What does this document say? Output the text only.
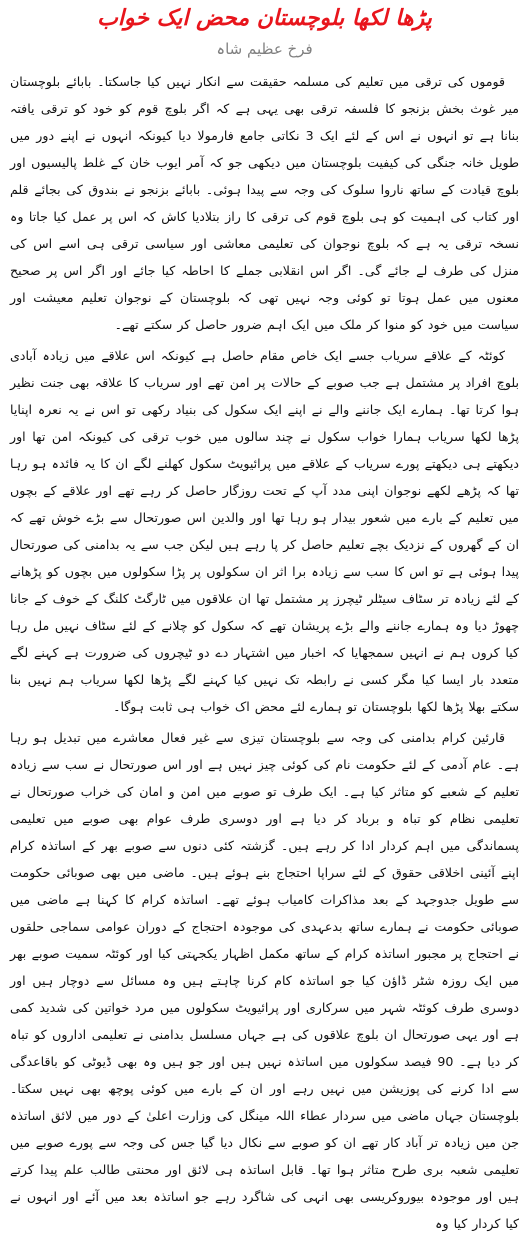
پڑھا لکھا بلوچستان محض ایک خواب
فرخ عظیم شاہ

قوموں کی ترقی میں تعلیم کی مسلمہ حقیقت سے انکار نہیں کیا جاسکتا۔ بابائے بلوچستان میر غوث بخش بزنجو کا فلسفہ ترقی بھی یہی ہے کہ اگر بلوچ قوم کو خود کو ترقی یافتہ بنانا ہے تو انہوں نے اس کے لئے ایک 3 نکاتی جامع فارمولا دیا کیونکہ انہوں نے اپنے دور میں طویل خانہ جنگی کی کیفیت بلوچستان میں دیکھی جو کہ آمر ایوب خان کے غلط پالیسیوں اور بلوچ قیادت کے ساتھ ناروا سلوک کی وجہ سے پیدا ہوئی۔ بابائے بزنجو نے بندوق کی بجائے قلم اور کتاب کی اہمیت کو ہی بلوچ قوم کی ترقی کا راز بتلادیا کاش کہ اس پر عمل کیا جاتا وہ نسخہ ترقی یہ ہے کہ بلوچ نوجوان کی تعلیمی معاشی اور سیاسی ترقی ہی اسے اس کی منزل کی طرف لے جائے گی۔ اگر اس انقلابی جملے کا احاطہ کیا جائے اور اگر اس پر صحیح معنوں میں عمل ہوتا تو کوئی وجہ نہیں تھی کہ بلوچستان کے نوجوان تعلیم معیشت اور سیاست میں خود کو منوا کر ملک میں ایک اہم ضرور حاصل کر سکتے تھے۔

کوئٹہ کے علاقے سریاب جسے ایک خاص مقام حاصل ہے کیونکہ اس علاقے میں زیادہ آبادی بلوچ افراد پر مشتمل ہے جب صوبے کے حالات پر امن تھے اور سریاب کا علاقہ بھی جنت نظیر ہوا کرتا تھا۔ ہمارے ایک جاننے والے نے اپنے ایک سکول کی بنیاد رکھی تو اس نے یہ نعرہ اپنایا پڑھا لکھا سریاب ہمارا خواب سکول نے چند سالوں میں خوب ترقی کی کیونکہ امن تھا اور دیکھتے ہی دیکھتے پورے سریاب کے علاقے میں پرائیویٹ سکول کھلنے لگے ان کا یہ فائدہ ہو رہا تھا کہ پڑھے لکھے نوجوان اپنی مدد آپ کے تحت روزگار حاصل کر رہے تھے اور علاقے کے بچوں میں تعلیم کے بارے میں شعور بیدار ہو رہا تھا اور والدین اس صورتحال سے بڑے خوش تھے کہ ان کے گھروں کے نزدیک بچے تعلیم حاصل کر پا رہے ہیں لیکن جب سے یہ بدامنی کی صورتحال پیدا ہوئی ہے تو اس کا سب سے زیادہ برا اثر ان سکولوں پر پڑا سکولوں میں بچوں کو پڑھانے کے لئے زیادہ تر سٹاف سیٹلر ٹیچرز پر مشتمل تھا ان علاقوں میں ٹارگٹ کلنگ کے خوف کے جانا چھوڑ دیا وہ ہمارے جاننے والے بڑے پریشان تھے کہ سکول کو چلانے کے لئے سٹاف نہیں مل رہا کیا کروں ہم نے انہیں سمجھایا کہ اخبار میں اشتہار دے دو ٹیچروں کی ضرورت ہے کہنے لگے متعدد بار ایسا کیا مگر کسی نے رابطہ تک نہیں کیا کہنے لگے پڑھا لکھا سریاب ہم نہیں بنا سکتے بھلا پڑھا لکھا بلوچستان تو ہمارے لئے محض اک خواب ہی ثابت ہوگا۔

قارئین کرام بدامنی کی وجہ سے بلوچستان تیزی سے غیر فعال معاشرے میں تبدیل ہو رہا ہے۔ عام آدمی کے لئے حکومت نام کی کوئی چیز نہیں ہے اور اس صورتحال نے سب سے زیادہ تعلیم کے شعبے کو متاثر کیا ہے۔ ایک طرف تو صوبے میں امن و امان کی خراب صورتحال نے تعلیمی نظام کو تباہ و برباد کر دیا ہے اور دوسری طرف عوام بھی صوبے میں تعلیمی پسماندگی میں اہم کردار ادا کر رہے ہیں۔ گزشتہ کئی دنوں سے صوبے بھر کے اساتذہ کرام اپنے آئینی اخلاقی حقوق کے لئے سراپا احتجاج بنے ہوئے ہیں۔ ماضی میں بھی صوبائی حکومت سے طویل جدوجہد کے بعد مذاکرات کامیاب ہوئے تھے۔ اساتذہ کرام کا کہنا ہے ماضی میں صوبائی حکومت نے ہمارے ساتھ بدعہدی کی موجودہ احتجاج کے دوران عوامی سماجی حلقوں نے احتجاج پر مجبور اساتذہ کرام کے ساتھ مکمل اظہار یکجہتی کیا اور کوئٹہ سمیت صوبے بھر میں ایک روزہ شٹر ڈاؤن کیا جو اساتذہ کام کرنا چاہتے ہیں وہ مسائل سے دوچار ہیں اور دوسری طرف کوئٹہ شہر میں سرکاری اور پرائیویٹ سکولوں میں مرد خواتین کی شدید کمی ہے اور یہی صورتحال ان بلوچ علاقوں کی ہے جہاں مسلسل بدامنی نے تعلیمی اداروں کو تباہ کر دیا ہے۔ 90 فیصد سکولوں میں اساتذہ نہیں ہیں اور جو ہیں وہ بھی ڈیوٹی کو باقاعدگی سے ادا کرنے کی پوزیشن میں نہیں رہے اور ان کے بارے میں کوئی پوچھ بھی نہیں سکتا۔ بلوچستان جہاں ماضی میں سردار عطاء اللہ مینگل کی وزارت اعلیٰ کے دور میں لائق اساتذہ جن میں زیادہ تر آباد کار تھے ان کو صوبے سے نکال دیا گیا جس کی وجہ سے پورے صوبے میں تعلیمی شعبہ بری طرح متاثر ہوا تھا۔ قابل اساتذہ ہی لائق اور محنتی طالب علم پیدا کرتے ہیں اور موجودہ بیوروکریسی بھی انہی کی شاگرد رہے جو اساتذہ بعد میں آئے اور انہوں نے کیا کردار کیا وہ
